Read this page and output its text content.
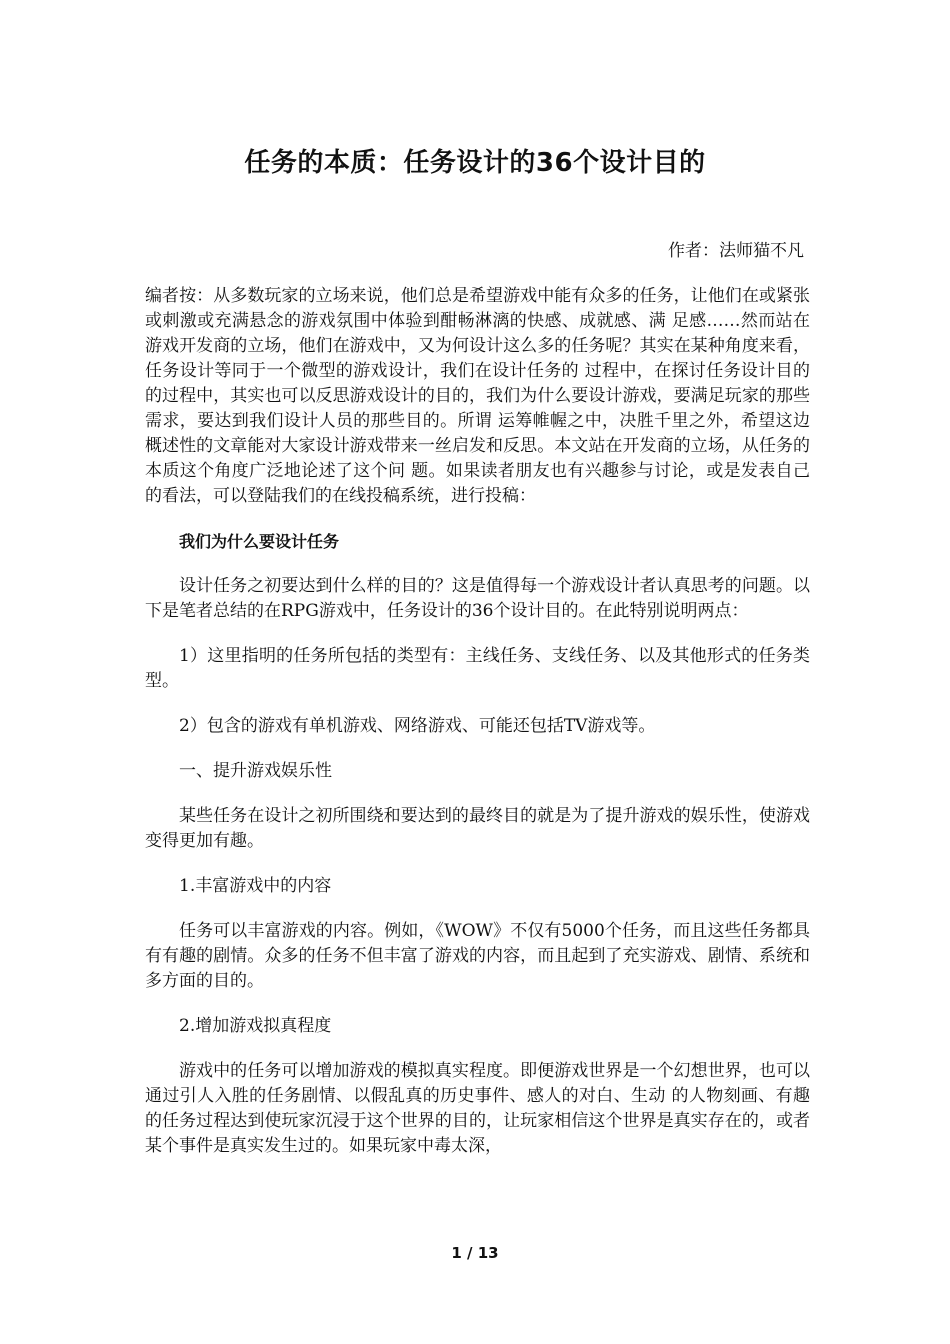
任务的本质：任务设计的36个设计目的
作者：法师猫不凡

编者按：从多数玩家的立场来说，他们总是希望游戏中能有众多的任务，让他们在或紧张或刺激或充满悬念的游戏氛围中体验到酣畅淋漓的快感、成就感、满 足感……然而站在游戏开发商的立场，他们在游戏中，又为何设计这么多的任务呢？其实在某种角度来看，任务设计等同于一个微型的游戏设计，我们在设计任务的 过程中，在探讨任务设计目的的过程中，其实也可以反思游戏设计的目的，我们为什么要设计游戏，要满足玩家的那些需求，要达到我们设计人员的那些目的。所谓 运筹帷幄之中，决胜千里之外，希望这边概述性的文章能对大家设计游戏带来一丝启发和反思。本文站在开发商的立场，从任务的本质这个角度广泛地论述了这个问 题。如果读者朋友也有兴趣参与讨论，或是发表自己的看法，可以登陆我们的在线投稿系统，进行投稿：

我们为什么要设计任务

设计任务之初要达到什么样的目的？这是值得每一个游戏设计者认真思考的问题。以下是笔者总结的在RPG游戏中，任务设计的36个设计目的。在此特别说明两点：

1）这里指明的任务所包括的类型有：主线任务、支线任务、以及其他形式的任务类型。

2）包含的游戏有单机游戏、网络游戏、可能还包括TV游戏等。

一、提升游戏娱乐性

某些任务在设计之初所围绕和要达到的最终目的就是为了提升游戏的娱乐性，使游戏变得更加有趣。

1.丰富游戏中的内容

任务可以丰富游戏的内容。例如，《WOW》不仅有5000个任务，而且这些任务都具有有趣的剧情。众多的任务不但丰富了游戏的内容，而且起到了充实游戏、剧情、系统和多方面的目的。

2.增加游戏拟真程度

游戏中的任务可以增加游戏的模拟真实程度。即便游戏世界是一个幻想世界，也可以通过引人入胜的任务剧情、以假乱真的历史事件、感人的对白、生动 的人物刻画、有趣的任务过程达到使玩家沉浸于这个世界的目的，让玩家相信这个世界是真实存在的，或者某个事件是真实发生过的。如果玩家中毒太深，

1 / 13
